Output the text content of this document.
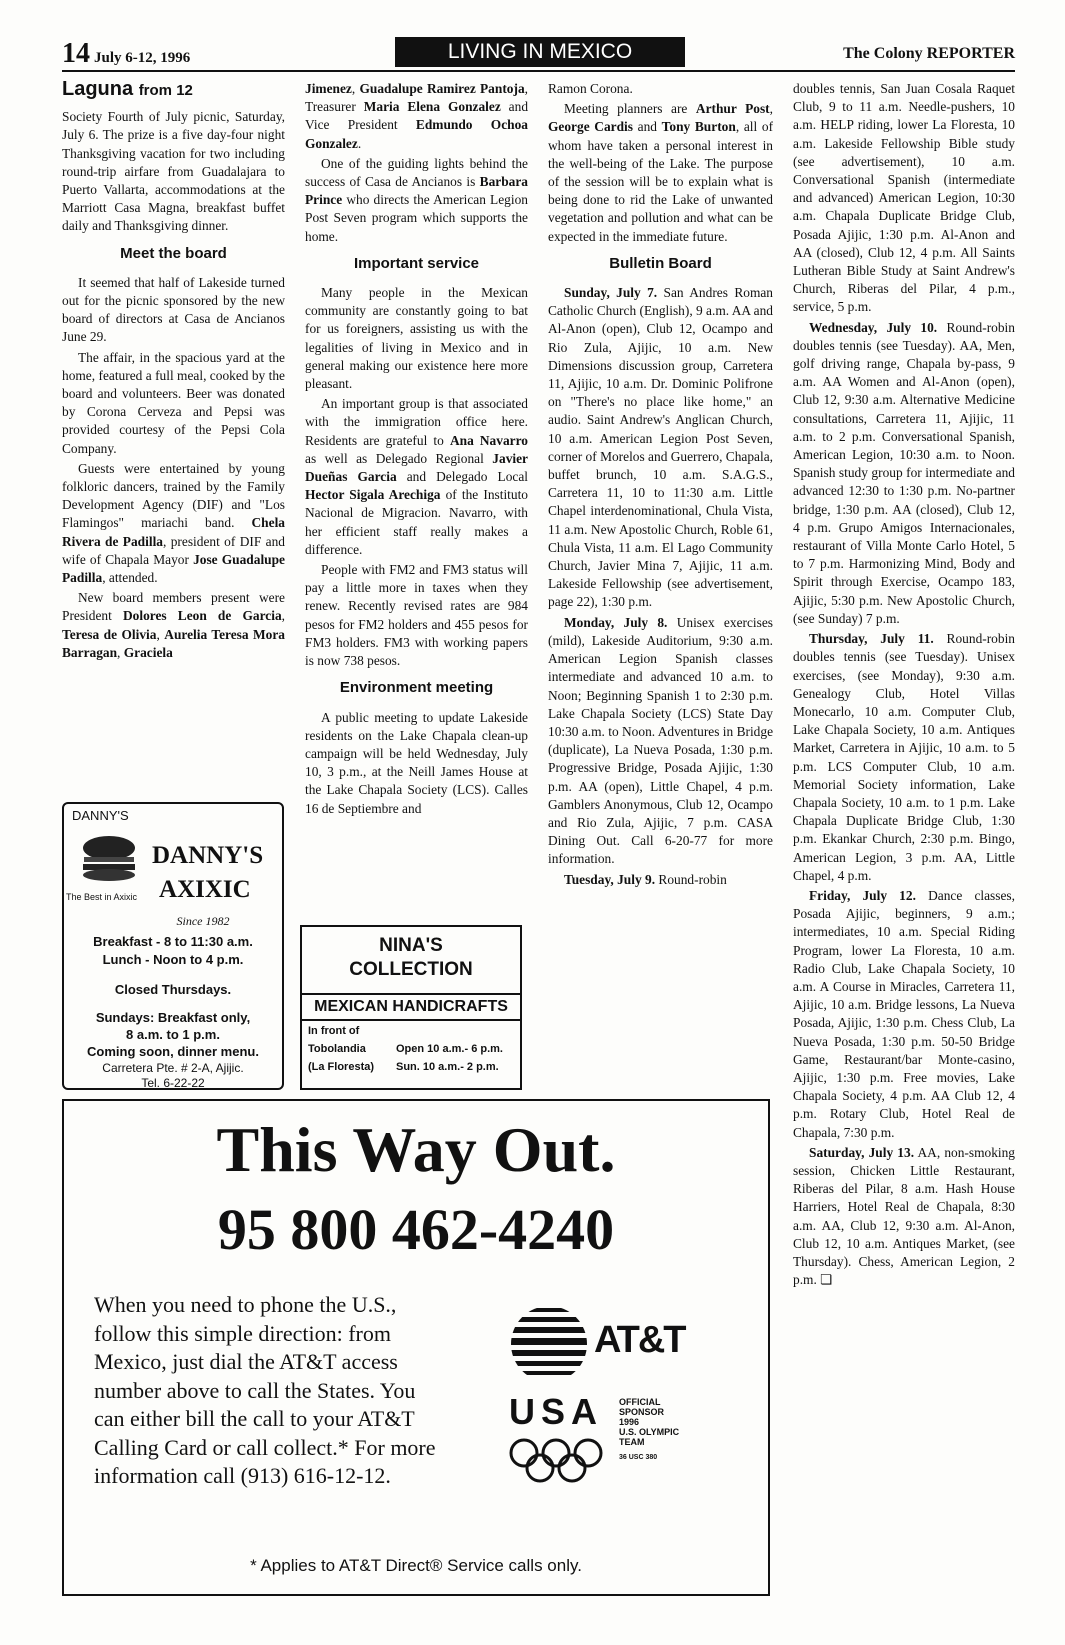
14 July 6-12, 1996	LIVING IN MEXICO	The Colony REPORTER
Laguna from 12

Society Fourth of July picnic, Saturday, July 6. The prize is a five day-four night Thanksgiving vacation for two including round-trip airfare from Guadalajara to Puerto Vallarta, accommodations at the Marriott Casa Magna, breakfast buffet daily and Thanksgiving dinner.

Meet the board

It seemed that half of Lakeside turned out for the picnic sponsored by the new board of directors at Casa de Ancianos June 29.

The affair, in the spacious yard at the home, featured a full meal, cooked by the board and volunteers. Beer was donated by Corona Cerveza and Pepsi was provided courtesy of the Pepsi Cola Company.

Guests were entertained by young folkloric dancers, trained by the Family Development Agency (DIF) and "Los Flamingos" mariachi band. Chela Rivera de Padilla, president of DIF and wife of Chapala Mayor Jose Guadalupe Padilla, attended.

New board members present were President Dolores Leon de Garcia, Teresa de Olivia, Aurelia Teresa Mora Barragan, Graciela

DANNY'S
DANNY'S
AXIXIC
The Best in Axixic
Since 1982
Breakfast - 8 to 11:30 a.m.
Lunch - Noon to 4 p.m.
Closed Thursdays.
Sundays: Breakfast only,
8 a.m. to 1 p.m.
Coming soon, dinner menu.
Carretera Pte. # 2-A, Ajijic.
Tel. 6-22-22

Jimenez, Guadalupe Ramirez Pantoja, Treasurer Maria Elena Gonzalez and Vice President Edmundo Ochoa Gonzalez.

One of the guiding lights behind the success of Casa de Ancianos is Barbara Prince who directs the American Legion Post Seven program which supports the home.

Important service

Many people in the Mexican community are constantly going to bat for us foreigners, assisting us with the legalities of living in Mexico and in general making our existence here more pleasant.

An important group is that associated with the immigration office here. Residents are grateful to Ana Navarro as well as Delegado Regional Javier Dueñas Garcia and Delegado Local Hector Sigala Arechiga of the Instituto Nacional de Migracion. Navarro, with her efficient staff really makes a difference.

People with FM2 and FM3 status will pay a little more in taxes when they renew. Recently revised rates are 984 pesos for FM2 holders and 455 pesos for FM3 holders. FM3 with working papers is now 738 pesos.

Environment meeting

A public meeting to update Lakeside residents on the Lake Chapala clean-up campaign will be held Wednesday, July 10, 3 p.m., at the Neill James House at the Lake Chapala Society (LCS). Calles 16 de Septiembre and

NINA'S
COLLECTION
MEXICAN HANDICRAFTS
In front of
Tobolandia
(La Floresta)
Open 10 a.m.- 6 p.m.
Sun. 10 a.m.- 2 p.m.

Ramon Corona.

Meeting planners are Arthur Post, George Cardis and Tony Burton, all of whom have taken a personal interest in the well-being of the Lake. The purpose of the session will be to explain what is being done to rid the Lake of unwanted vegetation and pollution and what can be expected in the immediate future.

Bulletin Board

Sunday, July 7. San Andres Roman Catholic Church (English), 9 a.m. AA and Al-Anon (open), Club 12, Ocampo and Rio Zula, Ajijic, 10 a.m. New Dimensions discussion group, Carretera 11, Ajijic, 10 a.m. Dr. Dominic Polifrone on "There's no place like home," an audio. Saint Andrew's Anglican Church, 10 a.m. American Legion Post Seven, corner of Morelos and Guerrero, Chapala, buffet brunch, 10 a.m. S.A.G.S., Carretera 11, 10 to 11:30 a.m. Little Chapel interdenominational, Chula Vista, 11 a.m. New Apostolic Church, Roble 61, Chula Vista, 11 a.m. El Lago Community Church, Javier Mina 7, Ajijic, 11 a.m. Lakeside Fellowship (see advertisement, page 22), 1:30 p.m.

Monday, July 8. Unisex exercises (mild), Lakeside Auditorium, 9:30 a.m. American Legion Spanish classes intermediate and advanced 10 a.m. to Noon; Beginning Spanish 1 to 2:30 p.m. Lake Chapala Society (LCS) State Day 10:30 a.m. to Noon. Adventures in Bridge (duplicate), La Nueva Posada, 1:30 p.m. Progressive Bridge, Posada Ajijic, 1:30 p.m. AA (open), Little Chapel, 4 p.m. Gamblers Anonymous, Club 12, Ocampo and Rio Zula, Ajijic, 7 p.m. CASA Dining Out. Call 6-20-77 for more information.

Tuesday, July 9. Round-robin

doubles tennis, San Juan Cosala Raquet Club, 9 to 11 a.m. Needle-pushers, 10 a.m. HELP riding, lower La Floresta, 10 a.m. Lakeside Fellowship Bible study (see advertisement), 10 a.m. Conversational Spanish (intermediate and advanced) American Legion, 10:30 a.m. Chapala Duplicate Bridge Club, Posada Ajijic, 1:30 p.m. Al-Anon and AA (closed), Club 12, 4 p.m. All Saints Lutheran Bible Study at Saint Andrew's Church, Riberas del Pilar, 4 p.m., service, 5 p.m.

Wednesday, July 10. Round-robin doubles tennis (see Tuesday). AA, Men, golf driving range, Chapala by-pass, 9 a.m. AA Women and Al-Anon (open), Club 12, 9:30 a.m. Alternative Medicine consultations, Carretera 11, Ajijic, 11 a.m. to 2 p.m. Conversational Spanish, American Legion, 10:30 a.m. to Noon. Spanish study group for intermediate and advanced 12:30 to 1:30 p.m. No-partner bridge, 1:30 p.m. AA (closed), Club 12, 4 p.m. Grupo Amigos Internacionales, restaurant of Villa Monte Carlo Hotel, 5 to 7 p.m. Harmonizing Mind, Body and Spirit through Exercise, Ocampo 183, Ajijic, 5:30 p.m. New Apostolic Church, (see Sunday) 7 p.m.

Thursday, July 11. Round-robin doubles tennis (see Tuesday). Unisex exercises, (see Monday), 9:30 a.m. Genealogy Club, Hotel Villas Monecarlo, 10 a.m. Computer Club, Lake Chapala Society, 10 a.m. Antiques Market, Carretera in Ajijic, 10 a.m. to 5 p.m. LCS Computer Club, 10 a.m. Memorial Society information, Lake Chapala Society, 10 a.m. to 1 p.m. Lake Chapala Duplicate Bridge Club, 1:30 p.m. Ekankar Church, 2:30 p.m. Bingo, American Legion, 3 p.m. AA, Little Chapel, 4 p.m.

Friday, July 12. Dance classes, Posada Ajijic, beginners, 9 a.m.; intermediates, 10 a.m. Special Riding Program, lower La Floresta, 10 a.m. Radio Club, Lake Chapala Society, 10 a.m. A Course in Miracles, Carretera 11, Ajijic, 10 a.m. Bridge lessons, La Nueva Posada, Ajijic, 1:30 p.m. Chess Club, La Nueva Posada, 1:30 p.m. 50-50 Bridge Game, Restaurant/bar Monte-casino, Ajijic, 1:30 p.m. Free movies, Lake Chapala Society, 4 p.m. AA Club 12, 4 p.m. Rotary Club, Hotel Real de Chapala, 7:30 p.m.

Saturday, July 13. AA, non-smoking session, Chicken Little Restaurant, Riberas del Pilar, 8 a.m. Hash House Harriers, Hotel Real de Chapala, 8:30 a.m. AA, Club 12, 9:30 a.m. Al-Anon, Club 12, 10 a.m. Antiques Market, (see Thursday). Chess, American Legion, 2 p.m. ❏

This Way Out.
95 800 462-4240
When you need to phone the U.S., follow this simple direction: from Mexico, just dial the AT&T access number above to call the States. You can either bill the call to your AT&T Calling Card or call collect.* For more information call (913) 616-12-12.
AT&T
USA OFFICIAL
SPONSOR
1996
U.S. OLYMPIC
TEAM
36 USC 380
* Applies to AT&T Direct® Service calls only.
